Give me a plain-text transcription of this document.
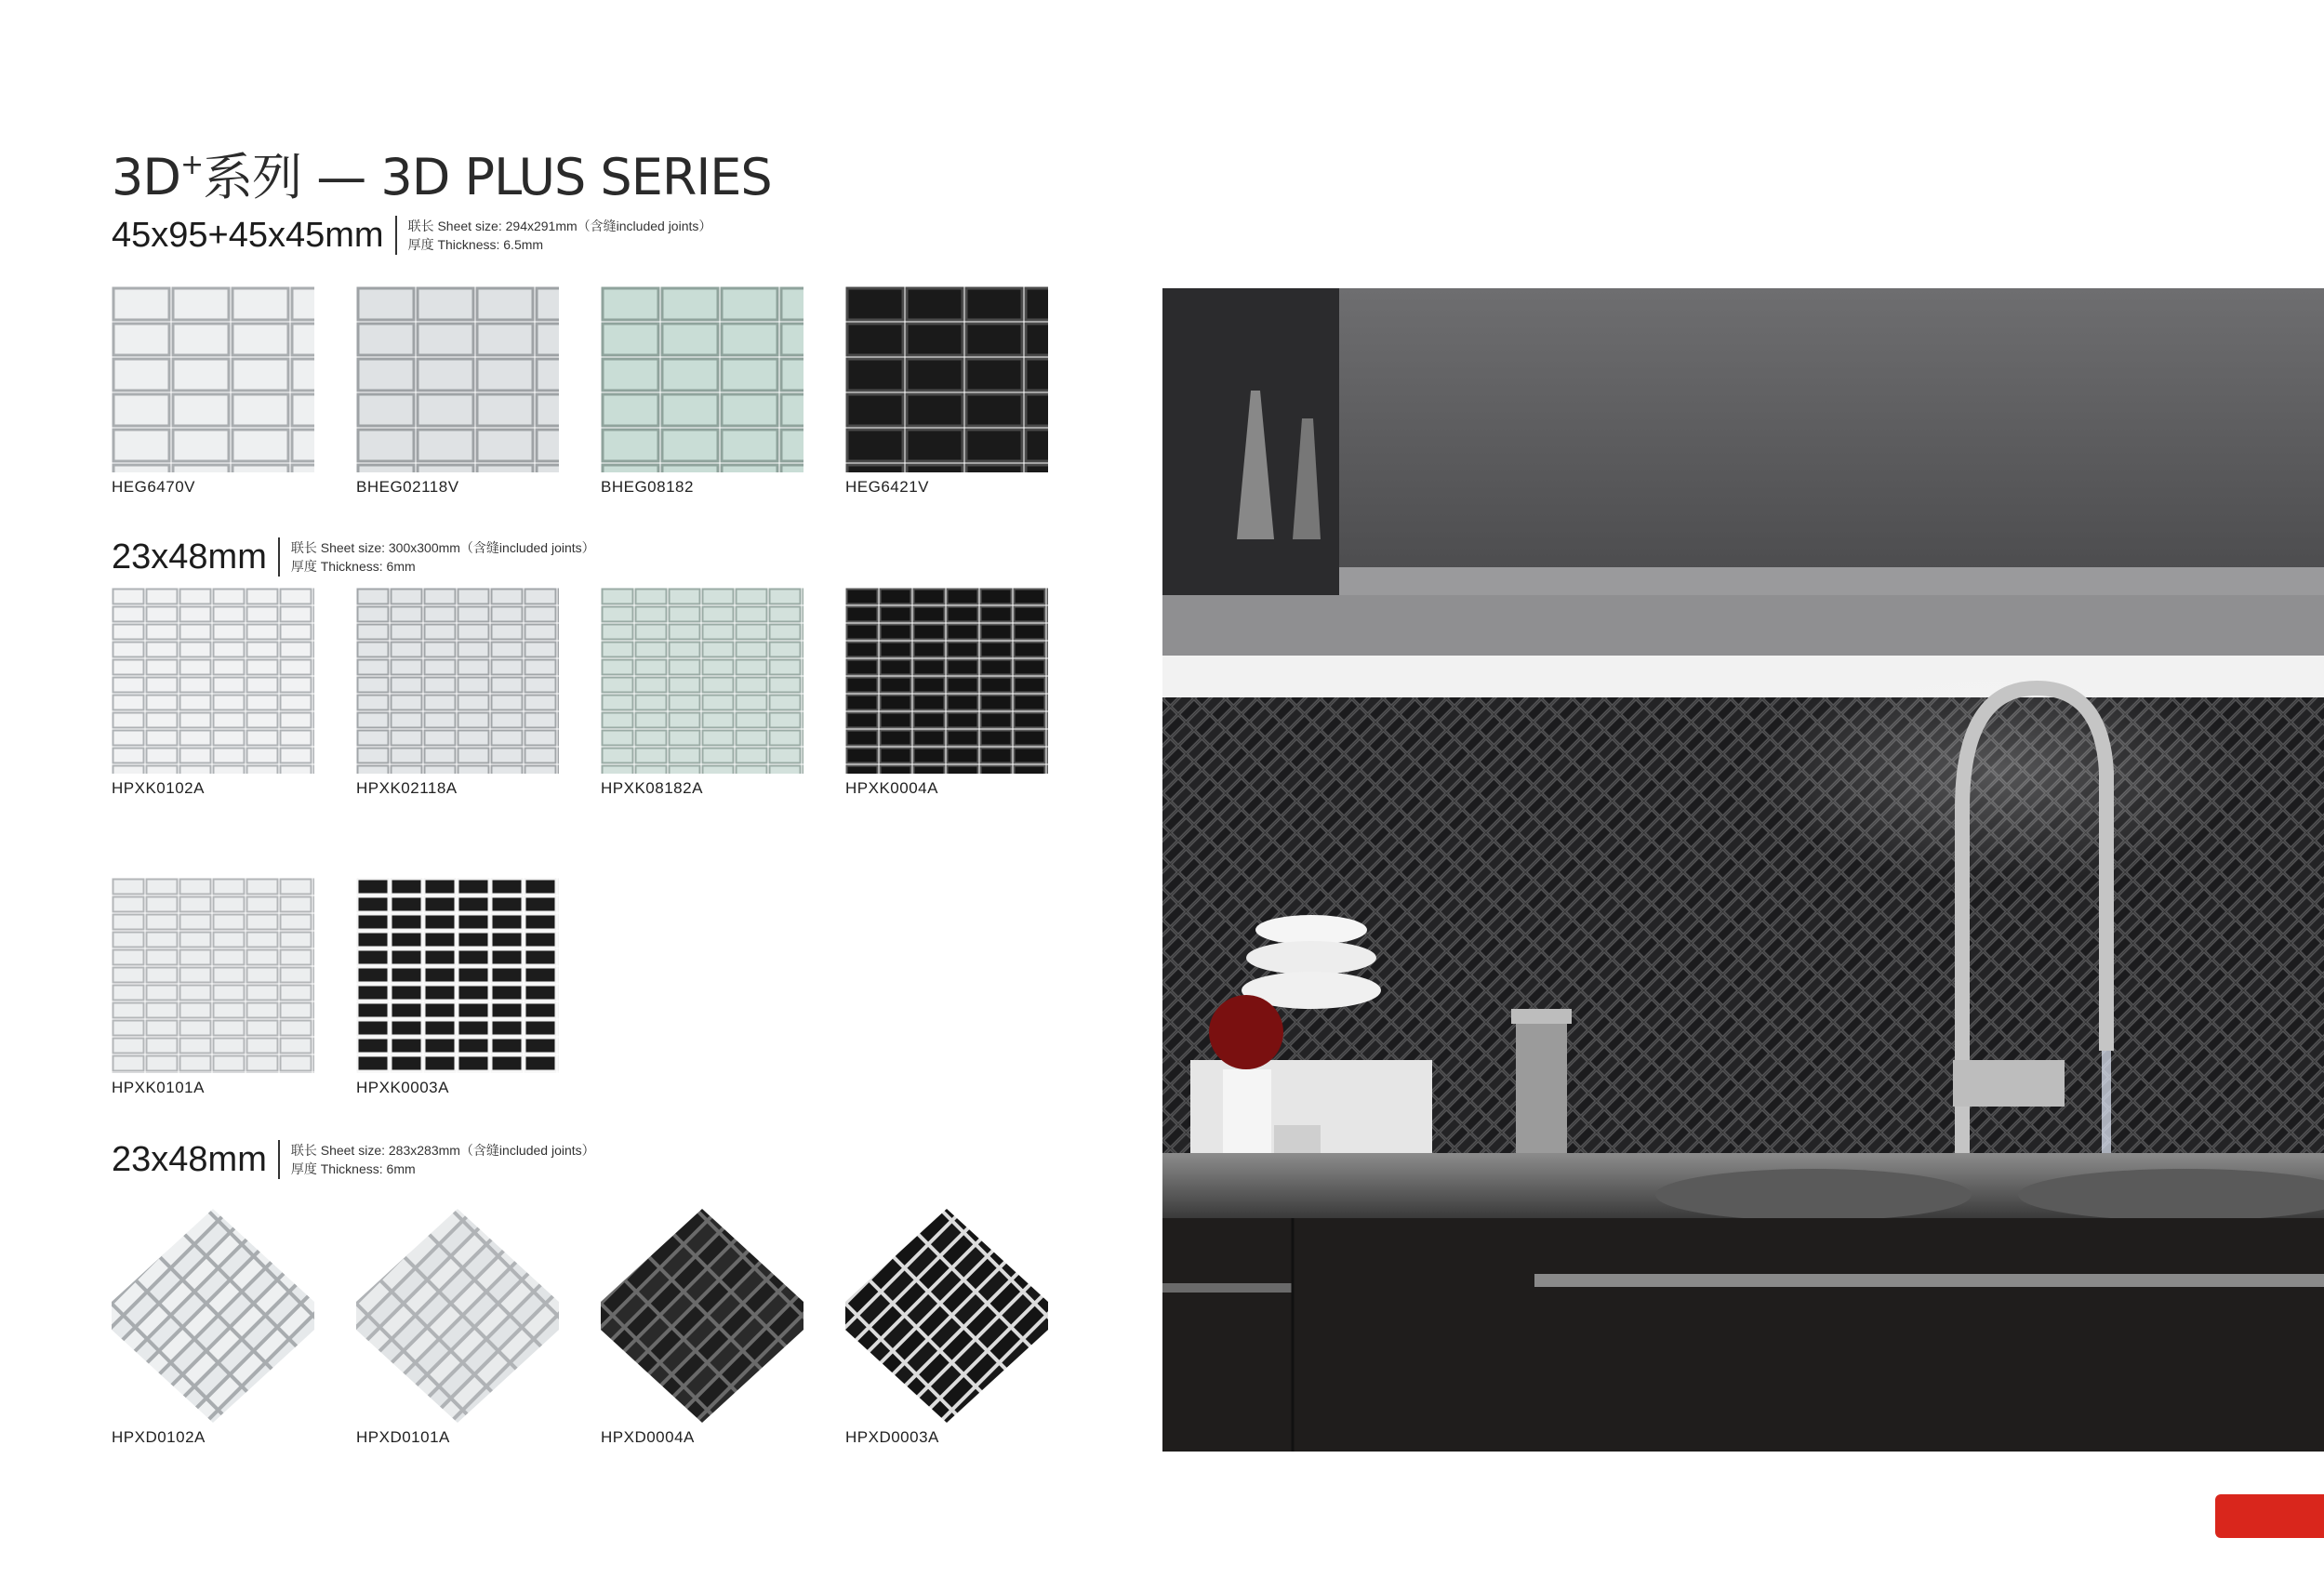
3D+系列 — 3D PLUS SERIES
45x95+45x45mm	联长 Sheet size: 294x291mm（含缝included joints）
厚度 Thickness: 6.5mm
HEG6470V	BHEG02118V	BHEG08182	HEG6421V
23x48mm	联长 Sheet size: 300x300mm（含缝included joints）
厚度 Thickness: 6mm
HPXK0102A	HPXK02118A	HPXK08182A	HPXK0004A
HPXK0101A	HPXK0003A
23x48mm	联长 Sheet size: 283x283mm（含缝included joints）
厚度 Thickness: 6mm
HPXD0102A	HPXD0101A	HPXD0004A	HPXD0003A
